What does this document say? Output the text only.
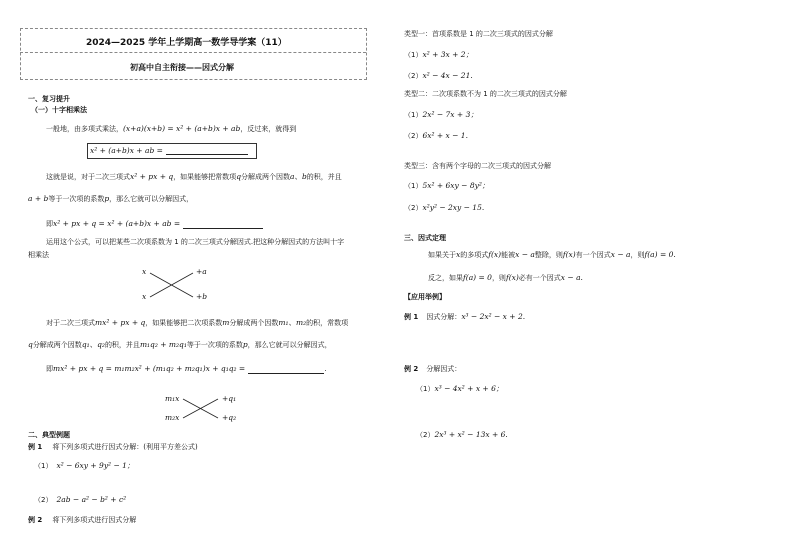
2024—2025 学年上学期高一数学导学案（11）
初高中自主衔接——因式分解
一、复习提升
（一）十字相乘法
一般地，由多项式乘法，(x+a)(x+b) = x² + (a+b)x + ab，反过来，就得到
x² + (a+b)x + ab =
这就是说，对于二次三项式x² + px + q，如果能够把常数项q分解成两个因数a、b的积，并且
a + b等于一次项的系数p，那么它就可以分解因式，
即x² + px + q = x² + (a+b)x + ab =
运用这个公式，可以把某些二次项系数为 1 的二次三项式分解因式.把这种分解因式的方法叫十字
相乘法
x	+a
x	+b
对于二次三项式mx² + px + q，如果能够把二次项系数m分解成两个因数m₁、m₂的积，常数项
q分解成两个因数q₁、q₂的积，并且m₁q₂ + m₂q₁等于一次项的系数p，那么它就可以分解因式，
即mx² + px + q = m₁m₂x² + (m₁q₂ + m₂q₁)x + q₁q₂ =	.
m₁x	+q₁
m₂x	+q₂
二、典型例题
例 1 将下列多项式进行因式分解：(利用平方差公式)
（1） x² − 6xy + 9y² − 1；
（2） 2ab − a² − b² + c²
例 2 将下列多项式进行因式分解
类型一：首项系数是 1 的二次三项式的因式分解
（1）x² + 3x + 2；
（2）x² − 4x − 21.
类型二：二次项系数不为 1 的二次三项式的因式分解
（1）2x² − 7x + 3；
（2）6x² + x − 1.
类型三：含有两个字母的二次三项式的因式分解
（1）5x² + 6xy − 8y²；
（2）x²y² − 2xy − 15.
三、因式定理
如果关于x的多项式f(x)能被x − a整除，则f(x)有一个因式x − a，则f(a) = 0.
反之，如果f(a) = 0，则f(x)必有一个因式x − a.
【应用举例】
例 1 因式分解：x³ − 2x² − x + 2.
例 2 分解因式：
（1）x³ − 4x² + x + 6；
（2）2x³ + x² − 13x + 6.
